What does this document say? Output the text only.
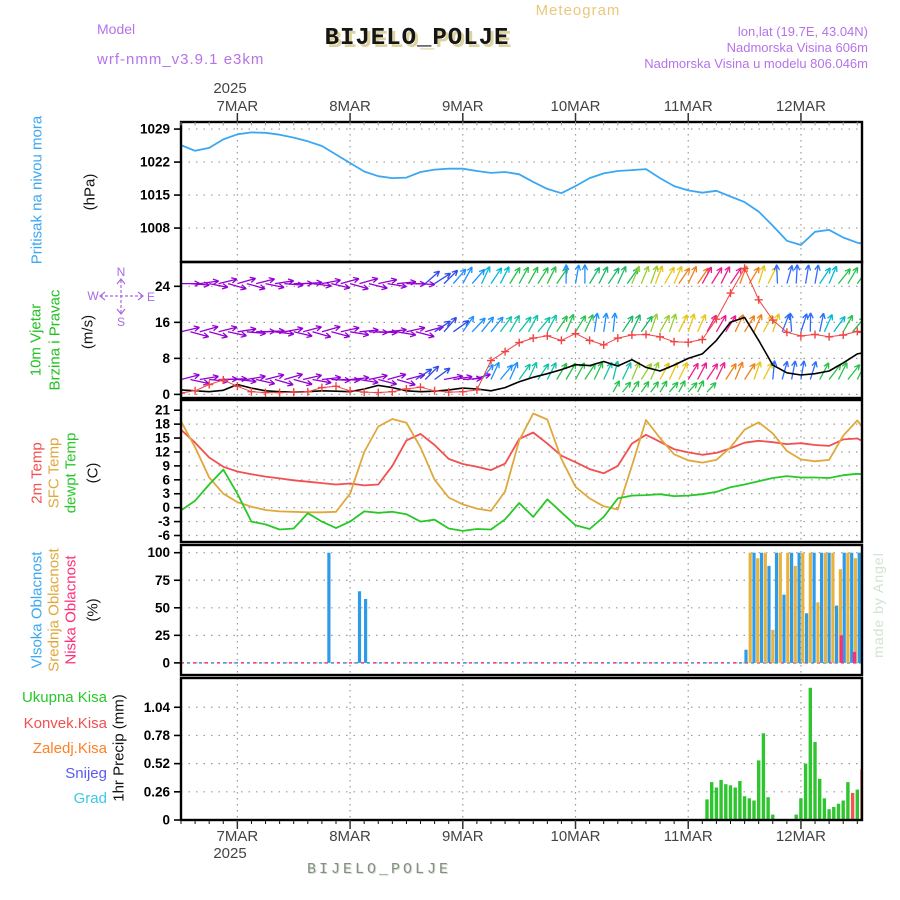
Meteogram
Model
wrf-nmm_v3.9.1 e3km
BIJELO_POLJE	lon,lat (19.7E, 43.04N)
Nadmorska Visina 606m
Nadmorska Visina u modelu 806.046m
Pritisak na nivou mora (hPa)
10m Vjetar Brzina i Pravac (m/s)
2m Temp SFC Temp dewpt Temp (C)
Vlsoka Oblacnost Srednja Oblacnost Niska Oblacnost (%)
Ukupna Kisa
Konvek.Kisa
Zaledj.Kisa
Snijeg
Grad 1hr Precip (mm)
1029
1022
1015
1008
24
16
8
0
21
18
15
12
9
6
3
0
-3
-6
100
75
50
25
0
1.04
0.78
0.52
0.26
0
7MAR
7MAR
8MAR
8MAR
9MAR
9MAR
10MAR
10MAR
11MAR
11MAR
12MAR
12MAR
2025
2025
N
S
W	E
BIJELO_POLJE
made by Angel
